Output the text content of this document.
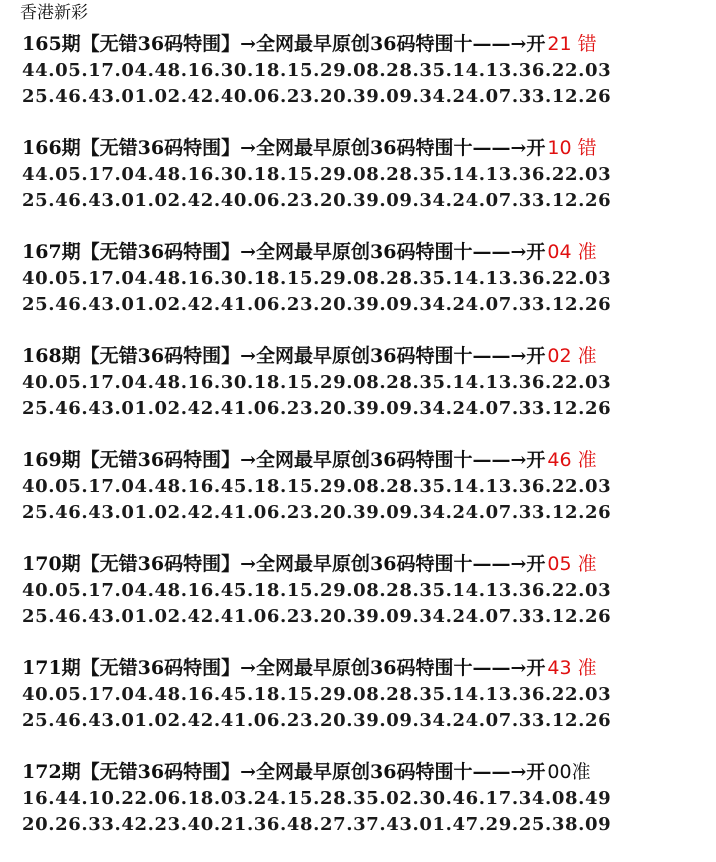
香港新彩
165期【无错36码特围】→全网最早原创36码特围十——→开 21 错
44.05.17.04.48.16.30.18.15.29.08.28.35.14.13.36.22.03
25.46.43.01.02.42.40.06.23.20.39.09.34.24.07.33.12.26
166期【无错36码特围】→全网最早原创36码特围十——→开 10 错
44.05.17.04.48.16.30.18.15.29.08.28.35.14.13.36.22.03
25.46.43.01.02.42.40.06.23.20.39.09.34.24.07.33.12.26
167期【无错36码特围】→全网最早原创36码特围十——→开 04 准
40.05.17.04.48.16.30.18.15.29.08.28.35.14.13.36.22.03
25.46.43.01.02.42.41.06.23.20.39.09.34.24.07.33.12.26
168期【无错36码特围】→全网最早原创36码特围十——→开 02 准
40.05.17.04.48.16.30.18.15.29.08.28.35.14.13.36.22.03
25.46.43.01.02.42.41.06.23.20.39.09.34.24.07.33.12.26
169期【无错36码特围】→全网最早原创36码特围十——→开 46 准
40.05.17.04.48.16.45.18.15.29.08.28.35.14.13.36.22.03
25.46.43.01.02.42.41.06.23.20.39.09.34.24.07.33.12.26
170期【无错36码特围】→全网最早原创36码特围十——→开 05 准
40.05.17.04.48.16.45.18.15.29.08.28.35.14.13.36.22.03
25.46.43.01.02.42.41.06.23.20.39.09.34.24.07.33.12.26
171期【无错36码特围】→全网最早原创36码特围十——→开 43 准
40.05.17.04.48.16.45.18.15.29.08.28.35.14.13.36.22.03
25.46.43.01.02.42.41.06.23.20.39.09.34.24.07.33.12.26
172期【无错36码特围】→全网最早原创36码特围十——→开 00准
16.44.10.22.06.18.03.24.15.28.35.02.30.46.17.34.08.49
20.26.33.42.23.40.21.36.48.27.37.43.01.47.29.25.38.09
